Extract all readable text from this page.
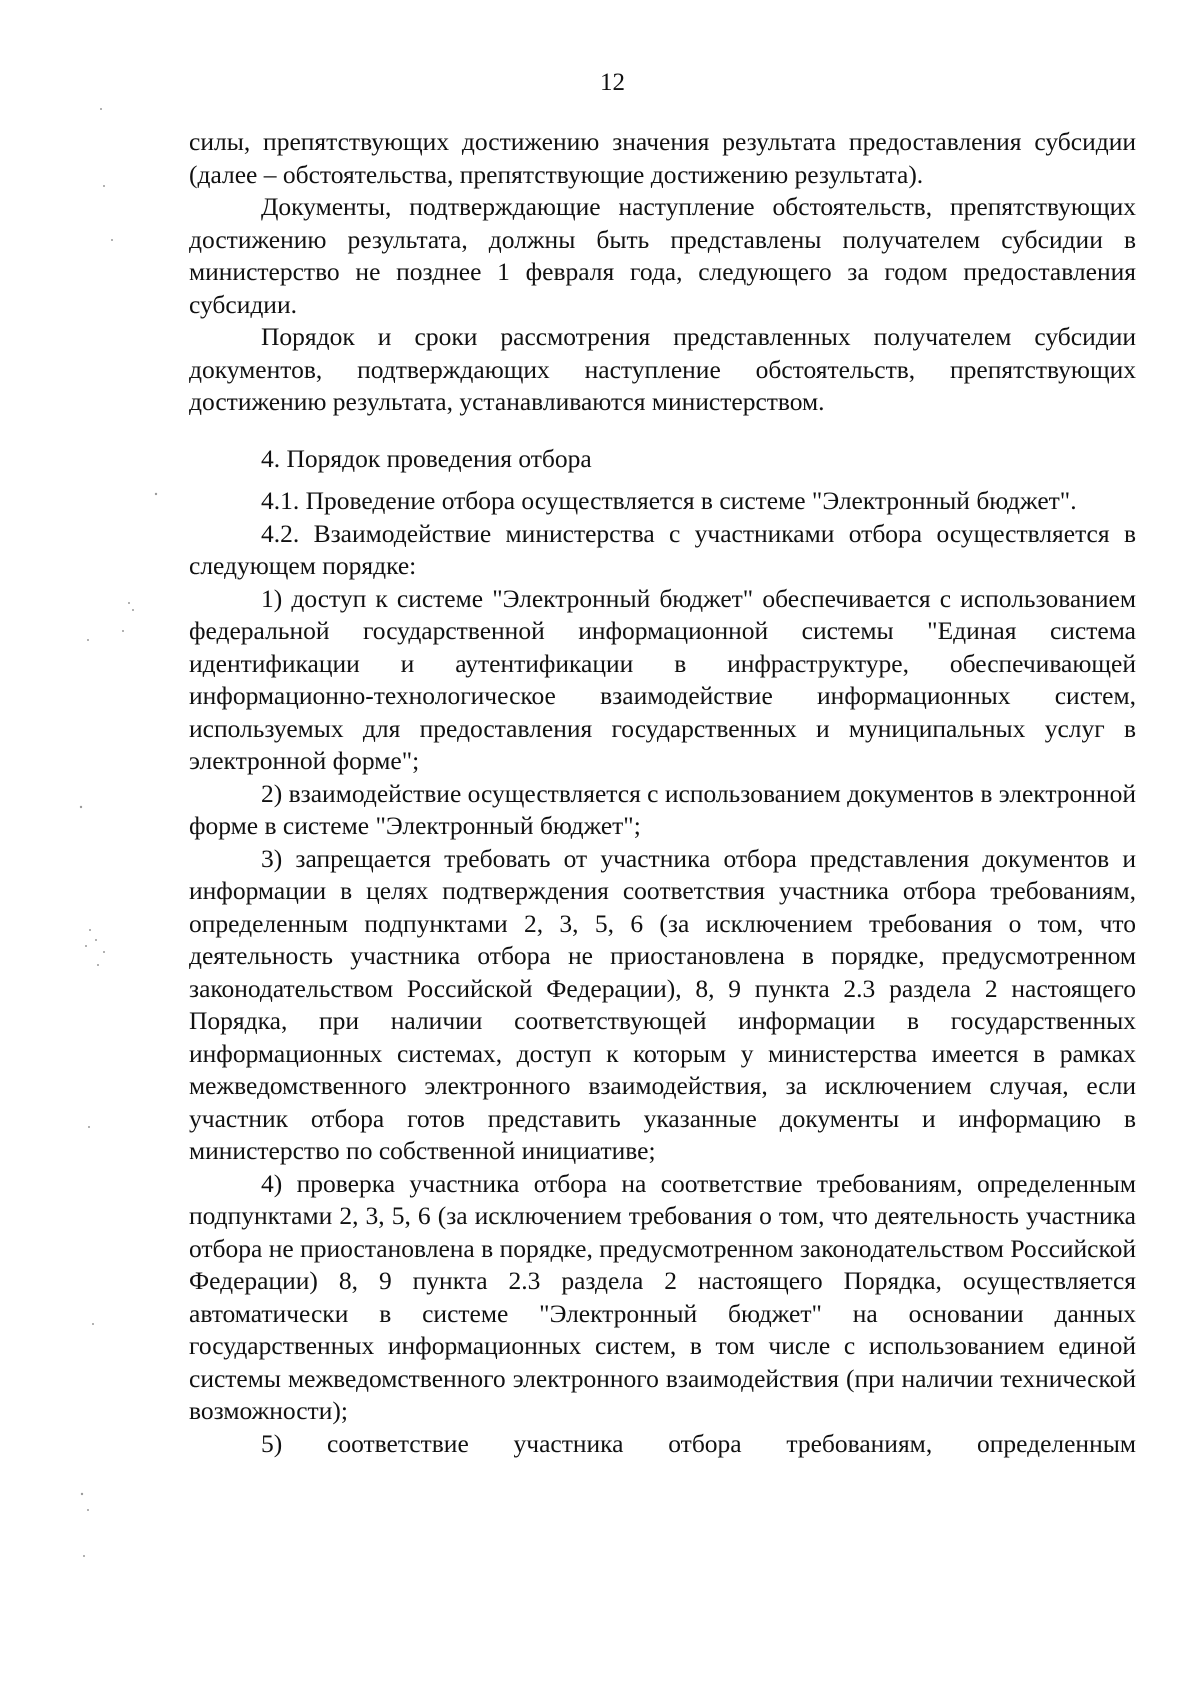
12

силы, препятствующих достижению значения результата предоставления субсидии (далее – обстоятельства, препятствующие достижению результата).

Документы, подтверждающие наступление обстоятельств, препятствующих достижению результата, должны быть представлены получателем субсидии в министерство не позднее 1 февраля года, следующего за годом предоставления субсидии.

Порядок и сроки рассмотрения представленных получателем субсидии документов, подтверждающих наступление обстоятельств, препятствующих достижению результата, устанавливаются министерством.

4. Порядок проведения отбора

4.1. Проведение отбора осуществляется в системе "Электронный бюджет".

4.2. Взаимодействие министерства с участниками отбора осуществляется в следующем порядке:

1) доступ к системе "Электронный бюджет" обеспечивается с использованием федеральной государственной информационной системы "Единая система идентификации и аутентификации в инфраструктуре, обеспечивающей информационно-технологическое взаимодействие информационных систем, используемых для предоставления государственных и муниципальных услуг в электронной форме";

2) взаимодействие осуществляется с использованием документов в электронной форме в системе "Электронный бюджет";

3) запрещается требовать от участника отбора представления документов и информации в целях подтверждения соответствия участника отбора требованиям, определенным подпунктами 2, 3, 5, 6 (за исключением требования о том, что деятельность участника отбора не приостановлена в порядке, предусмотренном законодательством Российской Федерации), 8, 9 пункта 2.3 раздела 2 настоящего Порядка, при наличии соответствующей информации в государственных информационных системах, доступ к которым у министерства имеется в рамках межведомственного электронного взаимодействия, за исключением случая, если участник отбора готов представить указанные документы и информацию в министерство по собственной инициативе;

4) проверка участника отбора на соответствие требованиям, определенным подпунктами 2, 3, 5, 6 (за исключением требования о том, что деятельность участника отбора не приостановлена в порядке, предусмотренном законодательством Российской Федерации) 8, 9 пункта 2.3 раздела 2 настоящего Порядка, осуществляется автоматически в системе "Электронный бюджет" на основании данных государственных информационных систем, в том числе с использованием единой системы межведомственного электронного взаимодействия (при наличии технической возможности);

5) соответствие участника отбора требованиям, определенным
